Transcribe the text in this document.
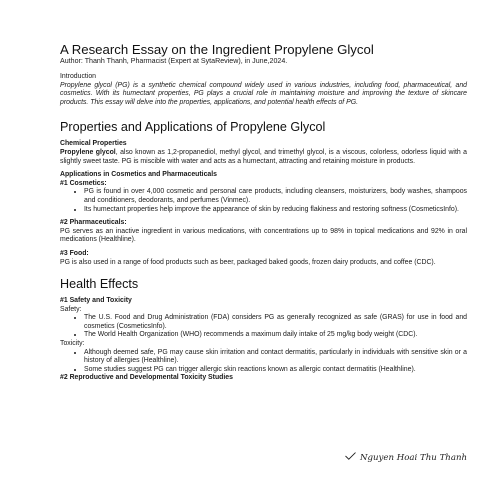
A Research Essay on the Ingredient Propylene Glycol

Author: Thanh Thanh, Pharmacist (Expert at SytaReview), in June,2024.

Introduction

Propylene glycol (PG) is a synthetic chemical compound widely used in various industries, including food, pharmaceutical, and cosmetics. With its humectant properties, PG plays a crucial role in maintaining moisture and improving the texture of skincare products. This essay will delve into the properties, applications, and potential health effects of PG.

Properties and Applications of Propylene Glycol

Chemical Properties

Propylene glycol, also known as 1,2-propanediol, methyl glycol, and trimethyl glycol, is a viscous, colorless, odorless liquid with a slightly sweet taste. PG is miscible with water and acts as a humectant, attracting and retaining moisture in products.

Applications in Cosmetics and Pharmaceuticals

#1 Cosmetics:

• PG is found in over 4,000 cosmetic and personal care products, including cleansers, moisturizers, body washes, shampoos and conditioners, deodorants, and perfumes (Vinmec).
• Its humectant properties help improve the appearance of skin by reducing flakiness and restoring softness (CosmeticsInfo).

#2 Pharmaceuticals:

PG serves as an inactive ingredient in various medications, with concentrations up to 98% in topical medications and 92% in oral medications (Healthline).

#3 Food:

PG is also used in a range of food products such as beer, packaged baked goods, frozen dairy products, and coffee (CDC).

Health Effects

#1 Safety and Toxicity

Safety:

• The U.S. Food and Drug Administration (FDA) considers PG as generally recognized as safe (GRAS) for use in food and cosmetics (CosmeticsInfo).
• The World Health Organization (WHO) recommends a maximum daily intake of 25 mg/kg body weight (CDC).

Toxicity:

• Although deemed safe, PG may cause skin irritation and contact dermatitis, particularly in individuals with sensitive skin or a history of allergies (Healthline).
• Some studies suggest PG can trigger allergic skin reactions known as allergic contact dermatitis (Healthline).

#2 Reproductive and Developmental Toxicity Studies

Nguyen Hoai Thu Thanh
